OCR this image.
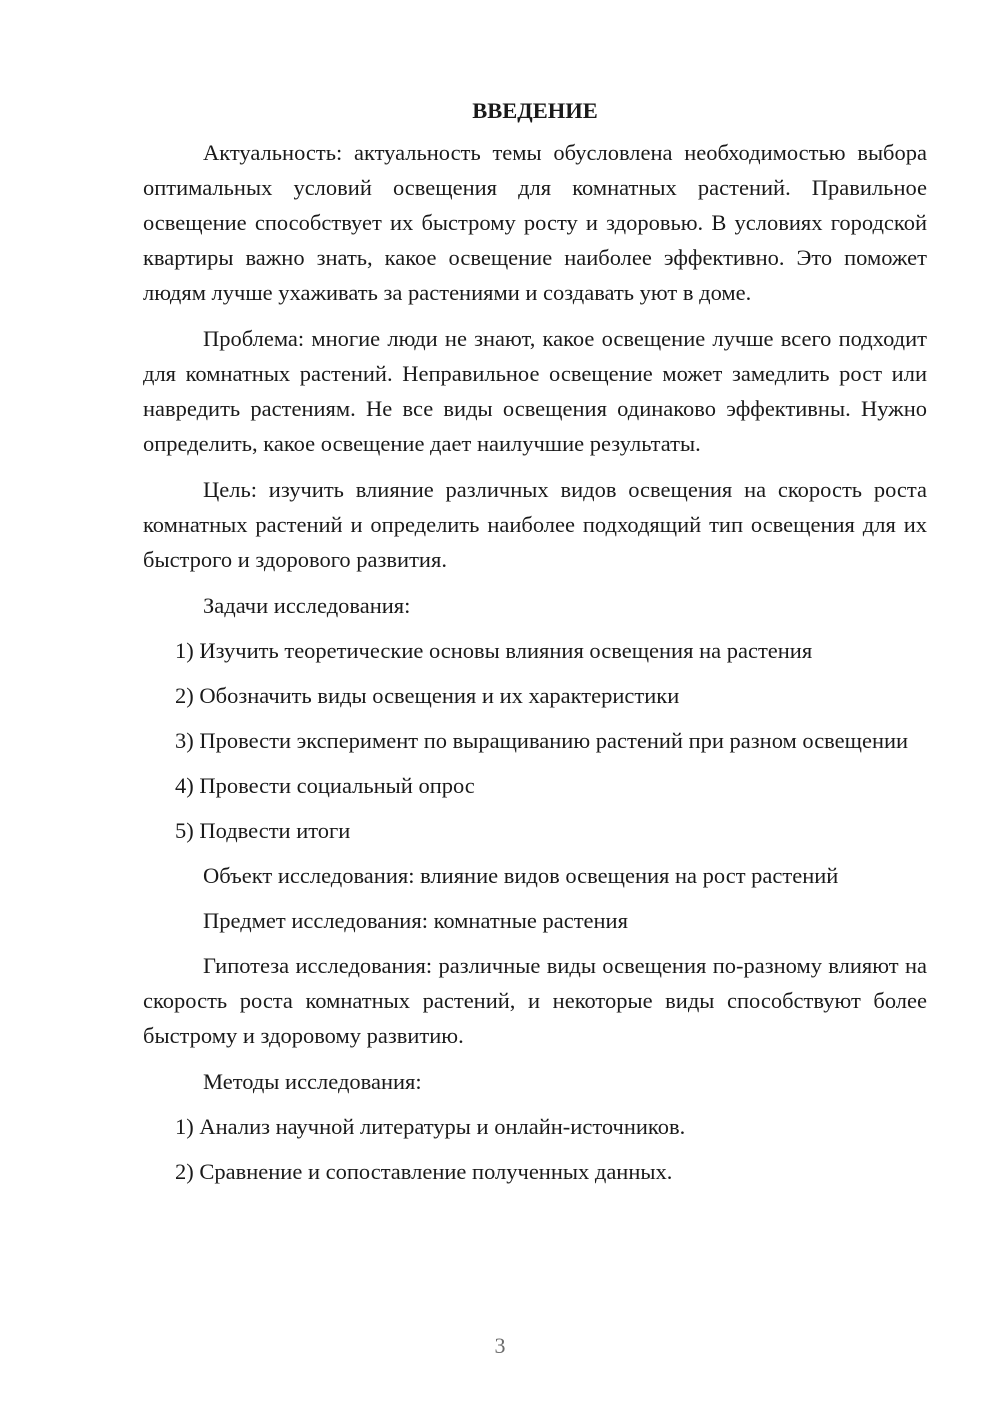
ВВЕДЕНИЕ

Актуальность: актуальность темы обусловлена необходимостью выбора оптимальных условий освещения для комнатных растений. Правильное освещение способствует их быстрому росту и здоровью. В условиях городской квартиры важно знать, какое освещение наиболее эффективно. Это поможет людям лучше ухаживать за растениями и создавать уют в доме.

Проблема: многие люди не знают, какое освещение лучше всего подходит для комнатных растений. Неправильное освещение может замедлить рост или навредить растениям. Не все виды освещения одинаково эффективны. Нужно определить, какое освещение дает наилучшие результаты.

Цель: изучить влияние различных видов освещения на скорость роста комнатных растений и определить наиболее подходящий тип освещения для их быстрого и здорового развития.

Задачи исследования:

1) Изучить теоретические основы влияния освещения на растения

2) Обозначить виды освещения и их характеристики

3) Провести эксперимент по выращиванию растений при разном освещении

4) Провести социальный опрос

5) Подвести итоги

Объект исследования: влияние видов освещения на рост растений

Предмет исследования: комнатные растения

Гипотеза исследования: различные виды освещения по-разному влияют на скорость роста комнатных растений, и некоторые виды способствуют более быстрому и здоровому развитию.

Методы исследования:

1) Анализ научной литературы и онлайн-источников.

2) Сравнение и сопоставление полученных данных.

3
